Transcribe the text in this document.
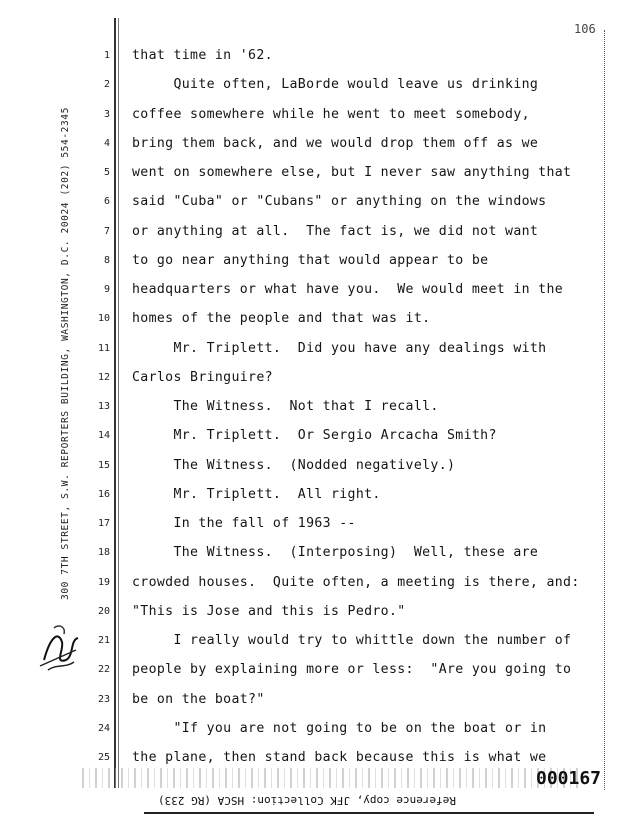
106
300 7TH STREET, S.W. REPORTERS BUILDING, WASHINGTON, D.C. 20024 (202) 554-2345
1 that time in '62.
2 Quite often, LaBorde would leave us drinking
3 coffee somewhere while he went to meet somebody,
4 bring them back, and we would drop them off as we
5 went on somewhere else, but I never saw anything that
6 said "Cuba" or "Cubans" or anything on the windows
7 or anything at all.  The fact is, we did not want
8 to go near anything that would appear to be
9 headquarters or what have you.  We would meet in the
10 homes of the people and that was it.
11 Mr. Triplett.  Did you have any dealings with
12 Carlos Bringuire?
13 The Witness.  Not that I recall.
14 Mr. Triplett.  Or Sergio Arcacha Smith?
15 The Witness.  (Nodded negatively.)
16 Mr. Triplett.  All right.
17 In the fall of 1963 --
18 The Witness.  (Interposing)  Well, these are
19 crowded houses.  Quite often, a meeting is there, and:
20 "This is Jose and this is Pedro."
21 I really would try to whittle down the number of
22 people by explaining more or less:  "Are you going to
23 be on the boat?"
24 "If you are not going to be on the boat or in
25 the plane, then stand back because this is what we
000167
Reference copy, JFK Collection: HSCA (RG 233)
